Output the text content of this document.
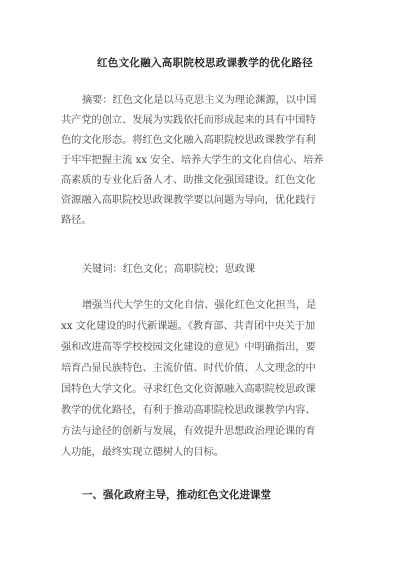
红色文化融入高职院校思政课教学的优化路径
摘要：红色文化是以马克思主义为理论渊源，以中国
共产党的创立、发展为实践依托而形成起来的具有中国特
色的文化形态。将红色文化融入高职院校思政课教学有利
于牢牢把握主流 xx 安全、培养大学生的文化自信心、培养
高素质的专业化后备人才、助推文化强国建设。红色文化
资源融入高职院校思政课教学要以问题为导向，优化践行
路径。
关键词：红色文化；高职院校；思政课
增强当代大学生的文化自信、强化红色文化担当，是
xx 文化建设的时代新课题。《教育部、共青团中央关于加
强和改进高等学校校园文化建设的意见》中明确指出，要
培育凸显民族特色、主流价值、时代价值、人文理念的中
国特色大学文化。寻求红色文化资源融入高职院校思政课
教学的优化路径，有利于推动高职院校思政课教学内容、
方法与途径的创新与发展，有效提升思想政治理论课的育
人功能，最终实现立德树人的目标。
一、强化政府主导，推动红色文化进课堂
